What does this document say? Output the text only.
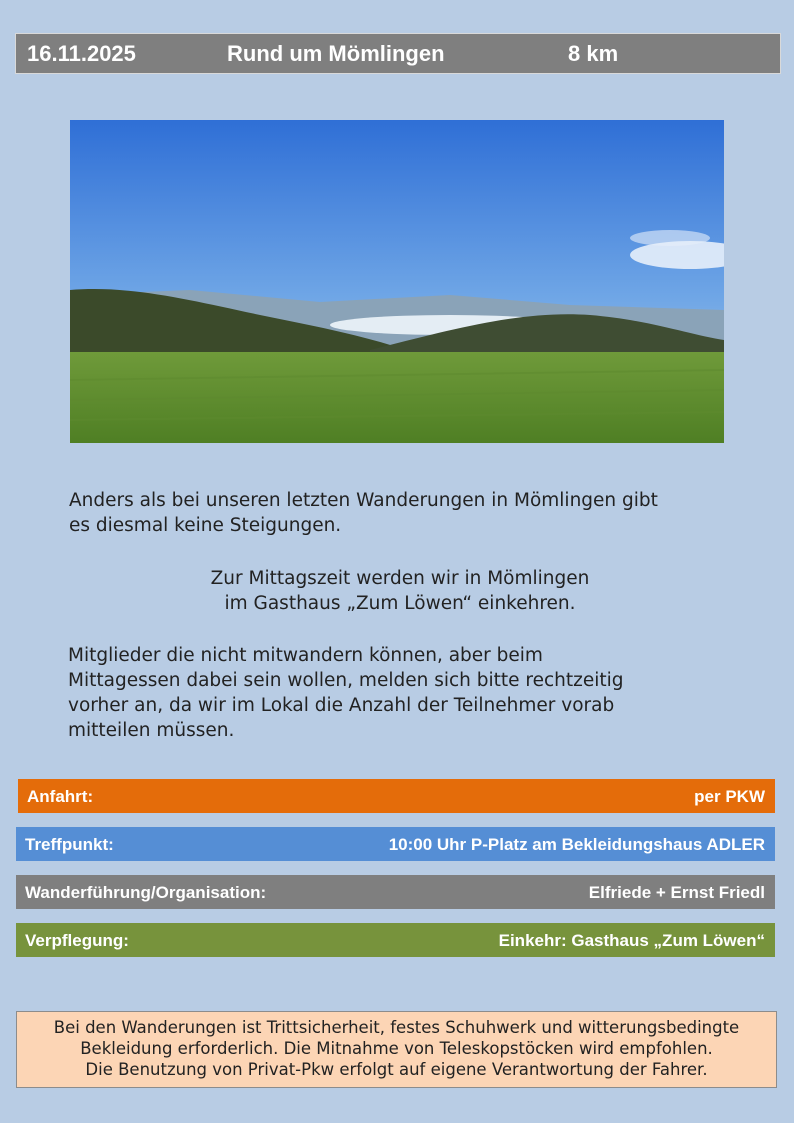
16.11.2025	Rund um Mömlingen	8 km
Anders als bei unseren letzten Wanderungen in Mömlingen gibt
es diesmal keine Steigungen.
Zur Mittagszeit werden wir in Mömlingen
im Gasthaus „Zum Löwen“ einkehren.
Mitglieder die nicht mitwandern können, aber beim
Mittagessen dabei sein wollen, melden sich bitte rechtzeitig
vorher an, da wir im Lokal die Anzahl der Teilnehmer vorab
mitteilen müssen.
Anfahrt:	per PKW
Treffpunkt:	10:00 Uhr P-Platz am Bekleidungshaus ADLER
Wanderführung/Organisation:	Elfriede + Ernst Friedl
Verpflegung:	Einkehr: Gasthaus „Zum Löwen“
Bei den Wanderungen ist Trittsicherheit, festes Schuhwerk und witterungsbedingte
Bekleidung erforderlich. Die Mitnahme von Teleskopstöcken wird empfohlen.
Die Benutzung von Privat-Pkw erfolgt auf eigene Verantwortung der Fahrer.
